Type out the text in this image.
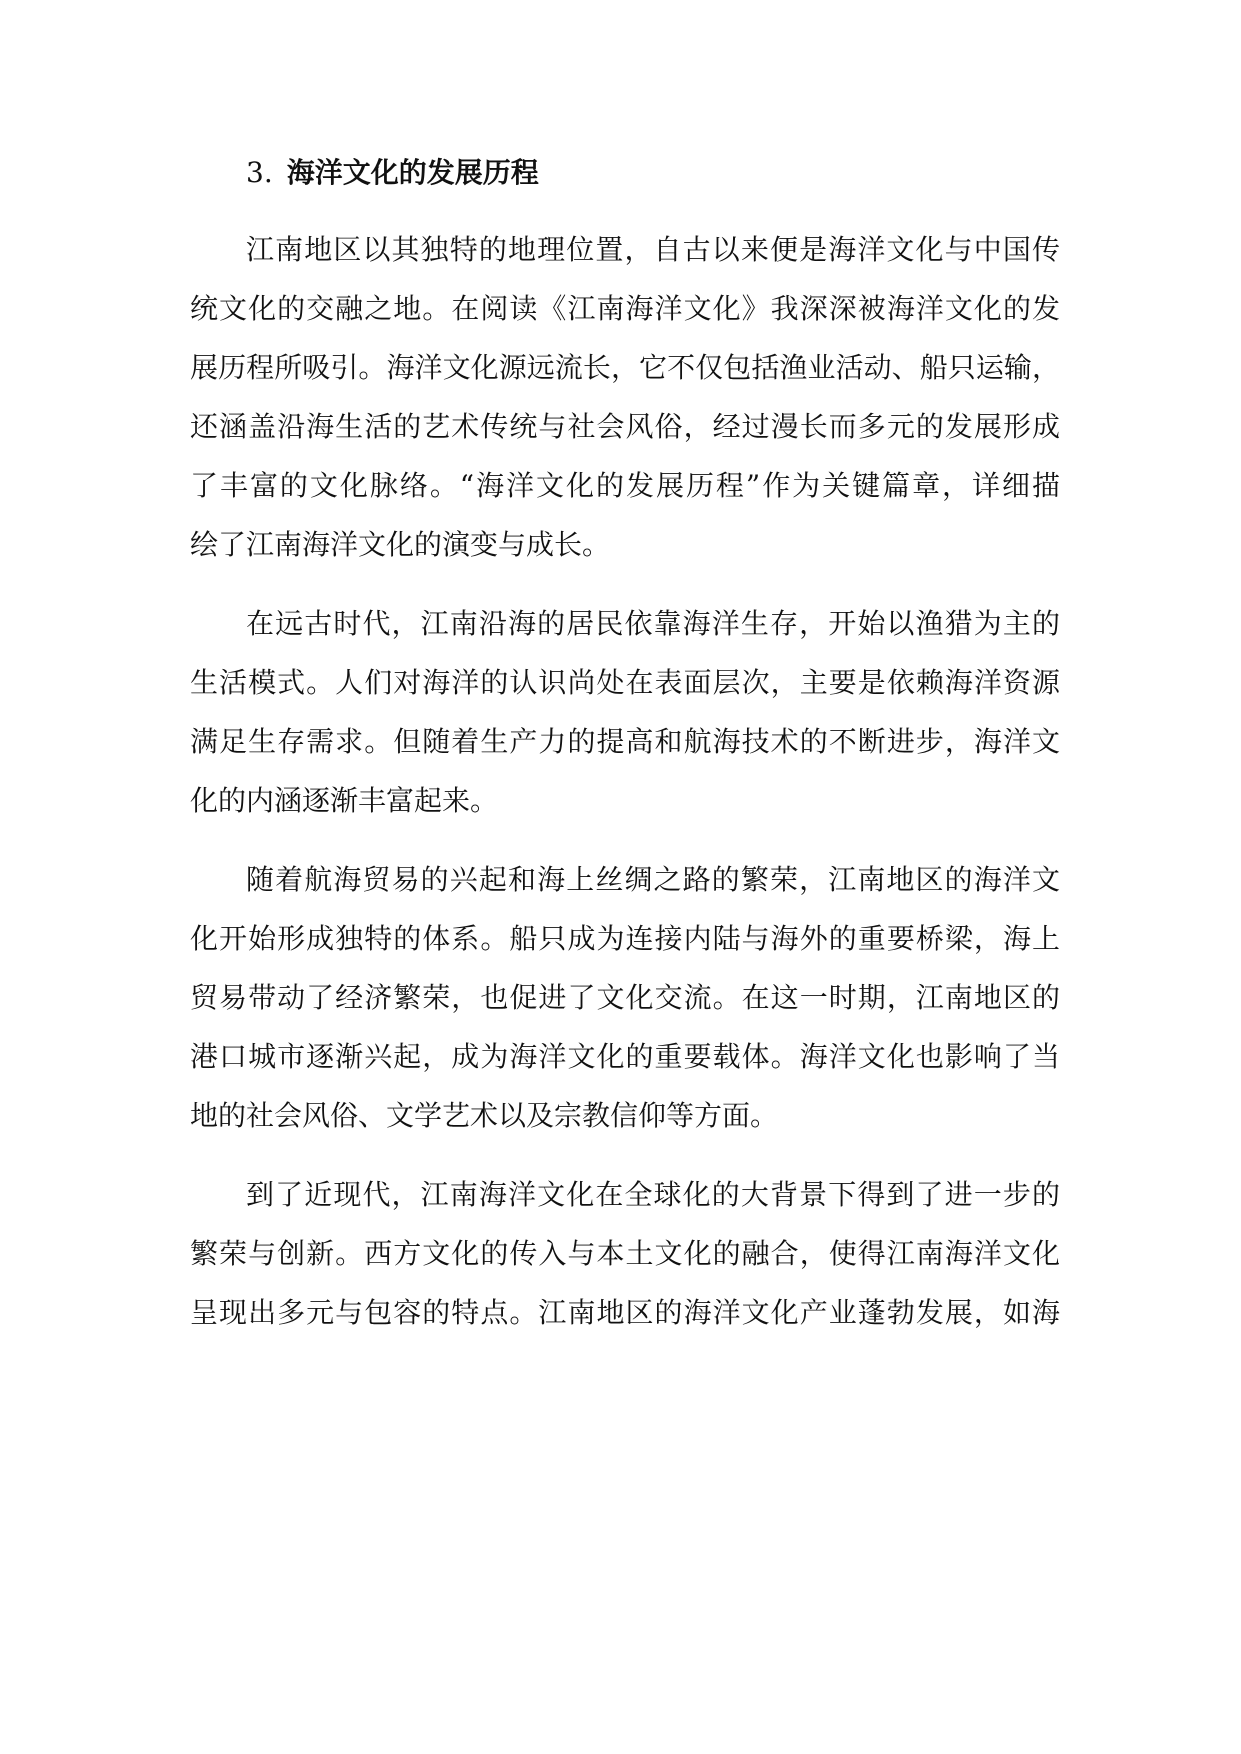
3. 海洋文化的发展历程
江南地区以其独特的地理位置，自古以来便是海洋文化与中国传
统文化的交融之地。在阅读《江南海洋文化》我深深被海洋文化的发
展历程所吸引。海洋文化源远流长，它不仅包括渔业活动、船只运输，
还涵盖沿海生活的艺术传统与社会风俗，经过漫长而多元的发展形成
了丰富的文化脉络。“海洋文化的发展历程”作为关键篇章，详细描
绘了江南海洋文化的演变与成长。
在远古时代，江南沿海的居民依靠海洋生存，开始以渔猎为主的
生活模式。人们对海洋的认识尚处在表面层次，主要是依赖海洋资源
满足生存需求。但随着生产力的提高和航海技术的不断进步，海洋文
化的内涵逐渐丰富起来。
随着航海贸易的兴起和海上丝绸之路的繁荣，江南地区的海洋文
化开始形成独特的体系。船只成为连接内陆与海外的重要桥梁，海上
贸易带动了经济繁荣，也促进了文化交流。在这一时期，江南地区的
港口城市逐渐兴起，成为海洋文化的重要载体。海洋文化也影响了当
地的社会风俗、文学艺术以及宗教信仰等方面。
到了近现代，江南海洋文化在全球化的大背景下得到了进一步的
繁荣与创新。西方文化的传入与本土文化的融合，使得江南海洋文化
呈现出多元与包容的特点。江南地区的海洋文化产业蓬勃发展，如海
